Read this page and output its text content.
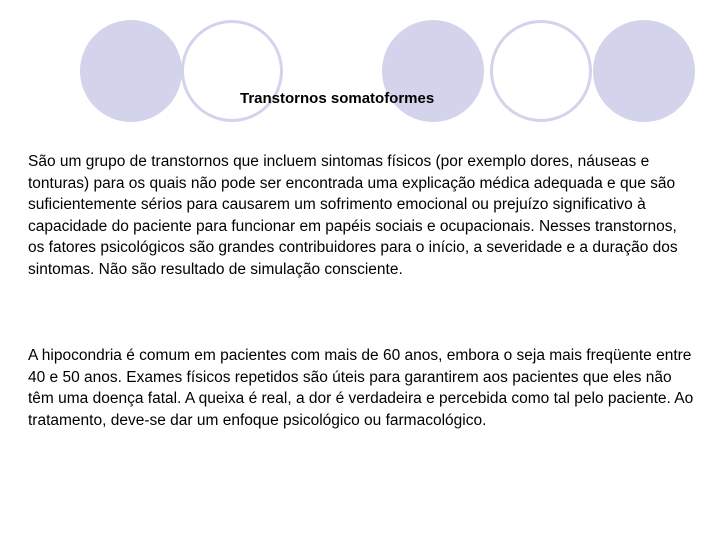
Transtornos somatoformes

São um grupo de transtornos que incluem sintomas físicos (por exemplo dores, náuseas e tonturas) para os quais não pode ser encontrada uma explicação médica adequada e que são suficientemente sérios para causarem um sofrimento emocional ou prejuízo significativo à capacidade do paciente para funcionar em papéis sociais e ocupacionais. Nesses transtornos, os fatores psicológicos são grandes contribuidores para o início, a severidade e a duração dos sintomas. Não são resultado de simulação consciente.

A hipocondria é comum em pacientes com mais de 60 anos, embora o seja mais freqüente entre 40 e 50 anos. Exames físicos repetidos são úteis para garantirem aos pacientes que eles não têm uma doença fatal. A queixa é real, a dor é verdadeira e percebida como tal pelo paciente. Ao tratamento, deve-se dar um enfoque psicológico ou farmacológico.
